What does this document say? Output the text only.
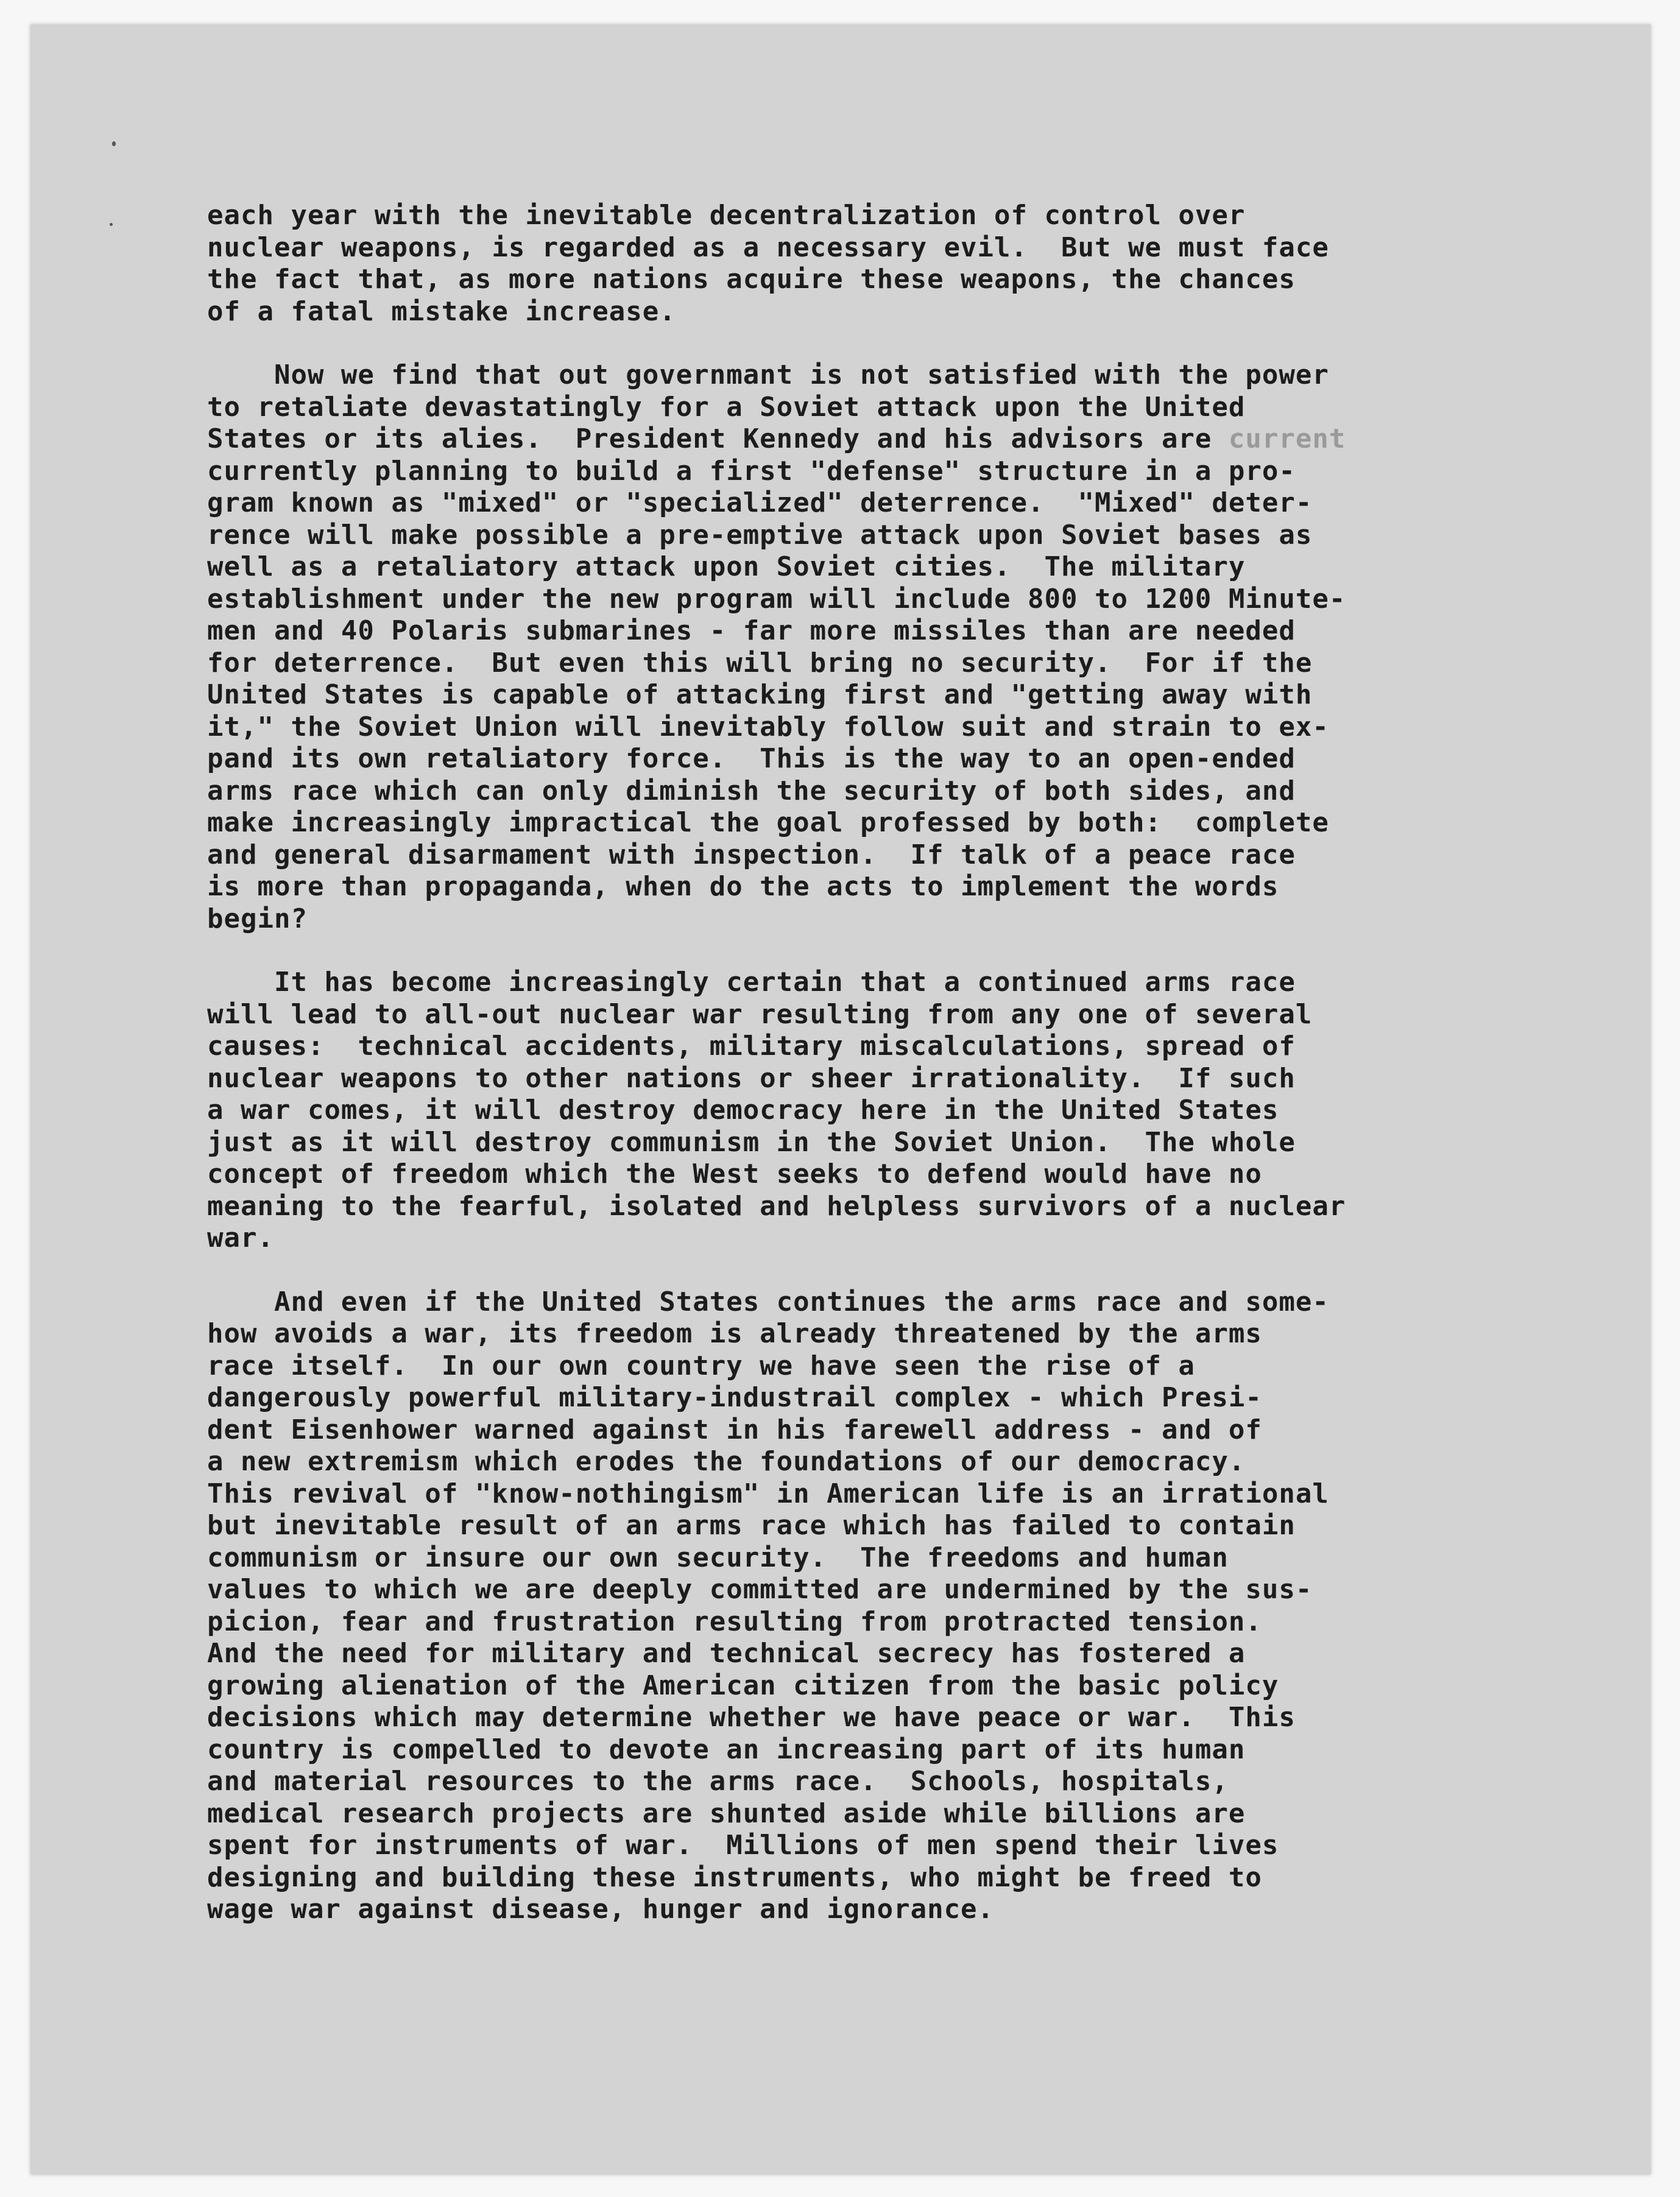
each year with the inevitable decentralization of control over
nuclear weapons, is regarded as a necessary evil.  But we must face
the fact that, as more nations acquire these weapons, the chances
of a fatal mistake increase.
Now we find that out governmant is not satisfied with the power
to retaliate devastatingly for a Soviet attack upon the United
States or its alies.  President Kennedy and his advisors are current
currently planning to build a first "defense" structure in a pro-
gram known as "mixed" or "specialized" deterrence.  "Mixed" deter-
rence will make possible a pre-emptive attack upon Soviet bases as
well as a retaliatory attack upon Soviet cities.  The military
establishment under the new program will include 800 to 1200 Minute-
men and 40 Polaris submarines - far more missiles than are needed
for deterrence.  But even this will bring no security.  For if the
United States is capable of attacking first and "getting away with
it," the Soviet Union will inevitably follow suit and strain to ex-
pand its own retaliatory force.  This is the way to an open-ended
arms race which can only diminish the security of both sides, and
make increasingly impractical the goal professed by both:  complete
and general disarmament with inspection.  If talk of a peace race
is more than propaganda, when do the acts to implement the words
begin?
It has become increasingly certain that a continued arms race
will lead to all-out nuclear war resulting from any one of several
causes:  technical accidents, military miscalculations, spread of
nuclear weapons to other nations or sheer irrationality.  If such
a war comes, it will destroy democracy here in the United States
just as it will destroy communism in the Soviet Union.  The whole
concept of freedom which the West seeks to defend would have no
meaning to the fearful, isolated and helpless survivors of a nuclear
war.
And even if the United States continues the arms race and some-
how avoids a war, its freedom is already threatened by the arms
race itself.  In our own country we have seen the rise of a
dangerously powerful military-industrail complex - which Presi-
dent Eisenhower warned against in his farewell address - and of
a new extremism which erodes the foundations of our democracy.
This revival of "know-nothingism" in American life is an irrational
but inevitable result of an arms race which has failed to contain
communism or insure our own security.  The freedoms and human
values to which we are deeply committed are undermined by the sus-
picion, fear and frustration resulting from protracted tension.
And the need for military and technical secrecy has fostered a
growing alienation of the American citizen from the basic policy
decisions which may determine whether we have peace or war.  This
country is compelled to devote an increasing part of its human
and material resources to the arms race.  Schools, hospitals,
medical research projects are shunted aside while billions are
spent for instruments of war.  Millions of men spend their lives
designing and building these instruments, who might be freed to
wage war against disease, hunger and ignorance.
